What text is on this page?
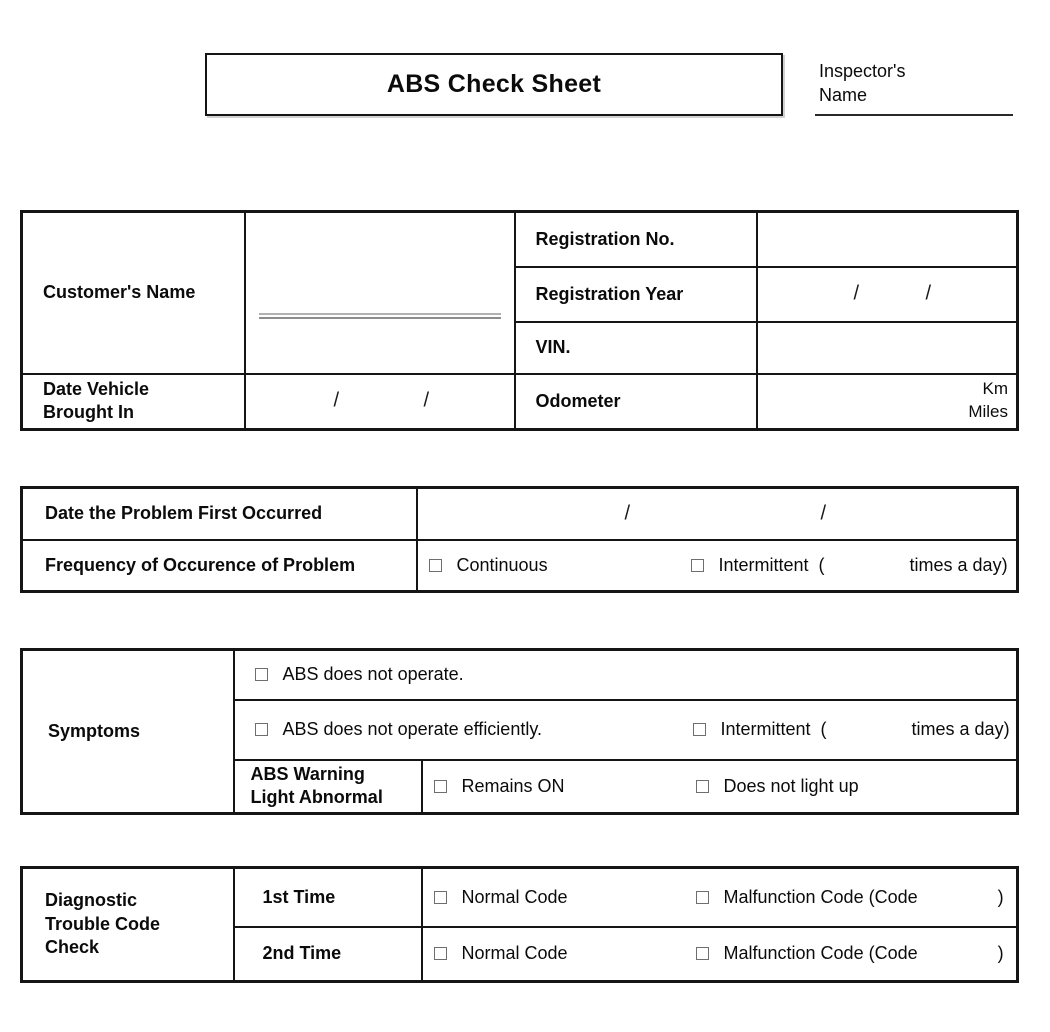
ABS Check Sheet	Inspector's Name
Customer's Name		Registration No.	
		Registration Year	/ /

		VIN.	
Date Vehicle Brought In	/ /	Odometer	Km
Miles
Date the Problem First Occurred	/ /

Frequency of Occurence of Problem	Continuous Intermittent  ( times a day)
Symptoms	ABS does not operate.	

	ABS does not operate efficiently. Intermittent  ( times a day)	

	ABS Warning Light Abnormal	Remains ON Does not light up
Diagnostic Trouble Code Check	1st Time	Normal Code Malfunction Code (Code )

	2nd Time	Normal Code Malfunction Code (Code )
